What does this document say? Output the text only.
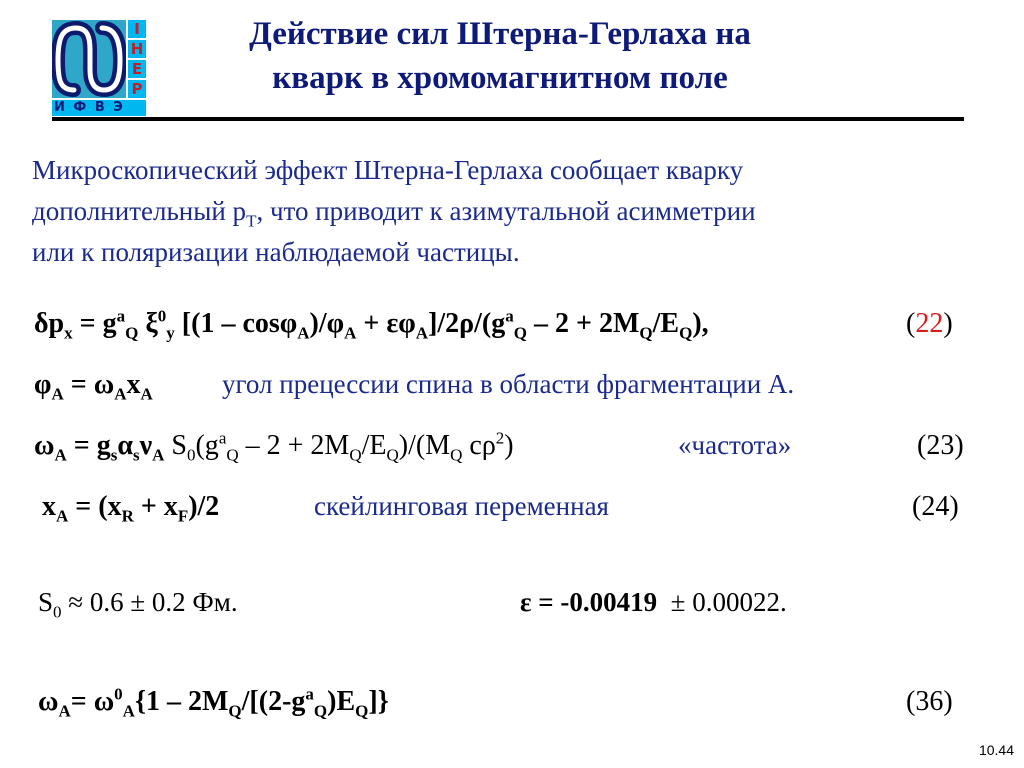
І
Н
Е
Р
И Ф В Э
Действие сил Штерна-Герлаха на
кварк в хромомагнитном поле
Микроскопический эффект Штерна-Герлаха сообщает кварку
дополнительный $p_T$, что приводит к азимутальной асимметрии
или к поляризации наблюдаемой частицы.
$\delta p_x = g^a_Q$ $\xi^0_y$ $[(1 - \cos\varphi_A)/\varphi_A + \varepsilon\varphi_A]/2\rho/(g^a_Q - 2 + 2M_Q/E_Q)$,	(22)
$\varphi_A = \omega_Ax_A$	угол прецессии спина в области фрагментации A.
$\omega_A = g_s\alpha_s\nu_A$ $S_0(g^a_Q - 2 + 2M_Q/E_Q)/(M_Q$ $c\rho^2$)	«частота»	(23)
$x_A = (x_R + x_F)/2$	скейлинговая переменная	(24)
$S_0 \approx 0.6 \pm 0.2$ Фм.	ε = -0.00419 ± 0.00022.
$\omega_A= \omega^0_A\{1 - 2M_Q/[(2-g^a_Q)E_Q]\}$	(36)
10.44
